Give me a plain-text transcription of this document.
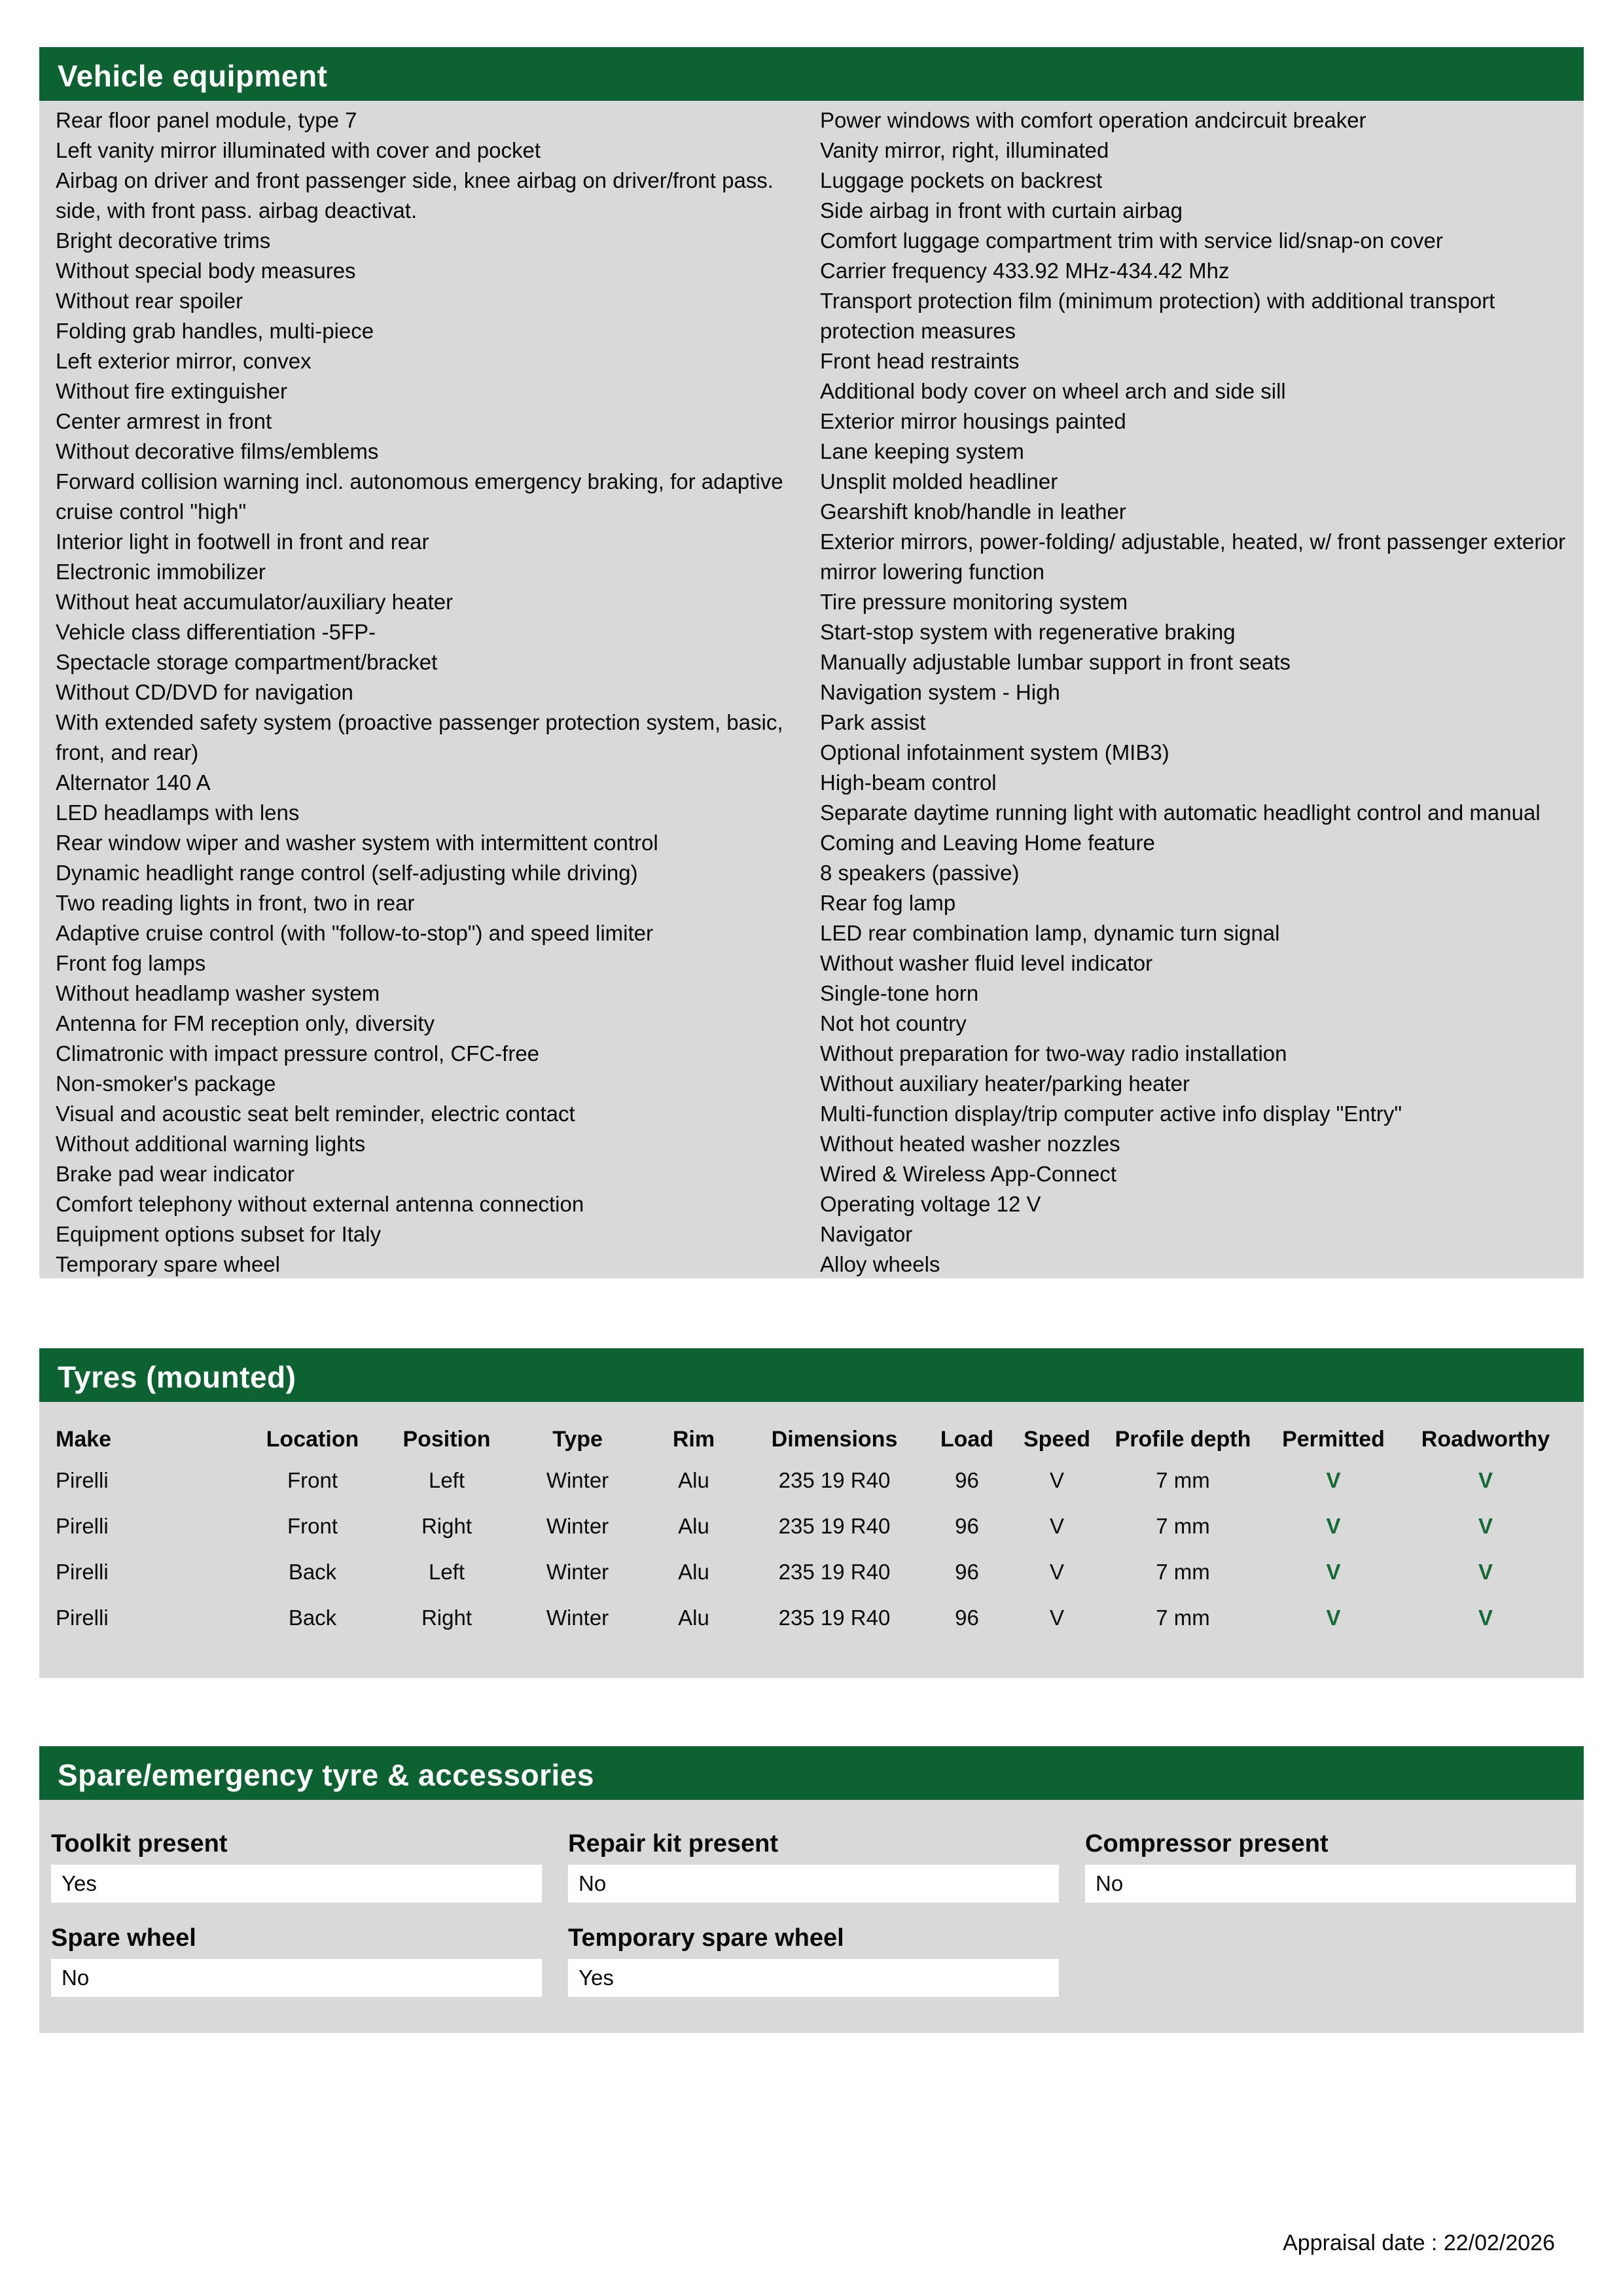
Vehicle equipment
Rear floor panel module, type 7
Left vanity mirror illuminated with cover and pocket
Airbag on driver and front passenger side, knee airbag on driver/front pass.
side, with front pass. airbag deactivat.
Bright decorative trims
Without special body measures
Without rear spoiler
Folding grab handles, multi-piece
Left exterior mirror, convex
Without fire extinguisher
Center armrest in front
Without decorative films/emblems
Forward collision warning incl. autonomous emergency braking, for adaptive
cruise control "high"
Interior light in footwell in front and rear
Electronic immobilizer
Without heat accumulator/auxiliary heater
Vehicle class differentiation -5FP-
Spectacle storage compartment/bracket
Without CD/DVD for navigation
With extended safety system (proactive passenger protection system, basic,
front, and rear)
Alternator 140 A
LED headlamps with lens
Rear window wiper and washer system with intermittent control
Dynamic headlight range control (self-adjusting while driving)
Two reading lights in front, two in rear
Adaptive cruise control (with "follow-to-stop") and speed limiter
Front fog lamps
Without headlamp washer system
Antenna for FM reception only, diversity
Climatronic with impact pressure control, CFC-free
Non-smoker's package
Visual and acoustic seat belt reminder, electric contact
Without additional warning lights
Brake pad wear indicator
Comfort telephony without external antenna connection
Equipment options subset for Italy
Temporary spare wheel
Power windows with comfort operation andcircuit breaker
Vanity mirror, right, illuminated
Luggage pockets on backrest
Side airbag in front with curtain airbag
Comfort luggage compartment trim with service lid/snap-on cover
Carrier frequency 433.92 MHz-434.42 Mhz
Transport protection film (minimum protection) with additional transport
protection measures
Front head restraints
Additional body cover on wheel arch and side sill
Exterior mirror housings painted
Lane keeping system
Unsplit molded headliner
Gearshift knob/handle in leather
Exterior mirrors, power-folding/ adjustable, heated, w/ front passenger exterior
mirror lowering function
Tire pressure monitoring system
Start-stop system with regenerative braking
Manually adjustable lumbar support in front seats
Navigation system - High
Park assist
Optional infotainment system (MIB3)
High-beam control
Separate daytime running light with automatic headlight control and manual
Coming and Leaving Home feature
8 speakers (passive)
Rear fog lamp
LED rear combination lamp, dynamic turn signal
Without washer fluid level indicator
Single-tone horn
Not hot country
Without preparation for two-way radio installation
Without auxiliary heater/parking heater
Multi-function display/trip computer active info display "Entry"
Without heated washer nozzles
Wired & Wireless App-Connect
Operating voltage 12 V
Navigator
Alloy wheels
Tyres (mounted)
Make	Location	Position	Type	Rim	Dimensions	Load	Speed	Profile depth	Permitted	Roadworthy
Pirelli	Front	Left	Winter	Alu	235 19 R40	96	V	7 mm	V	V
Pirelli	Front	Right	Winter	Alu	235 19 R40	96	V	7 mm	V	V
Pirelli	Back	Left	Winter	Alu	235 19 R40	96	V	7 mm	V	V
Pirelli	Back	Right	Winter	Alu	235 19 R40	96	V	7 mm	V	V
Spare/emergency tyre & accessories
Toolkit present
Yes
Repair kit present
No
Compressor present
No
Spare wheel
No
Temporary spare wheel
Yes
Appraisal date : 22/02/2026
